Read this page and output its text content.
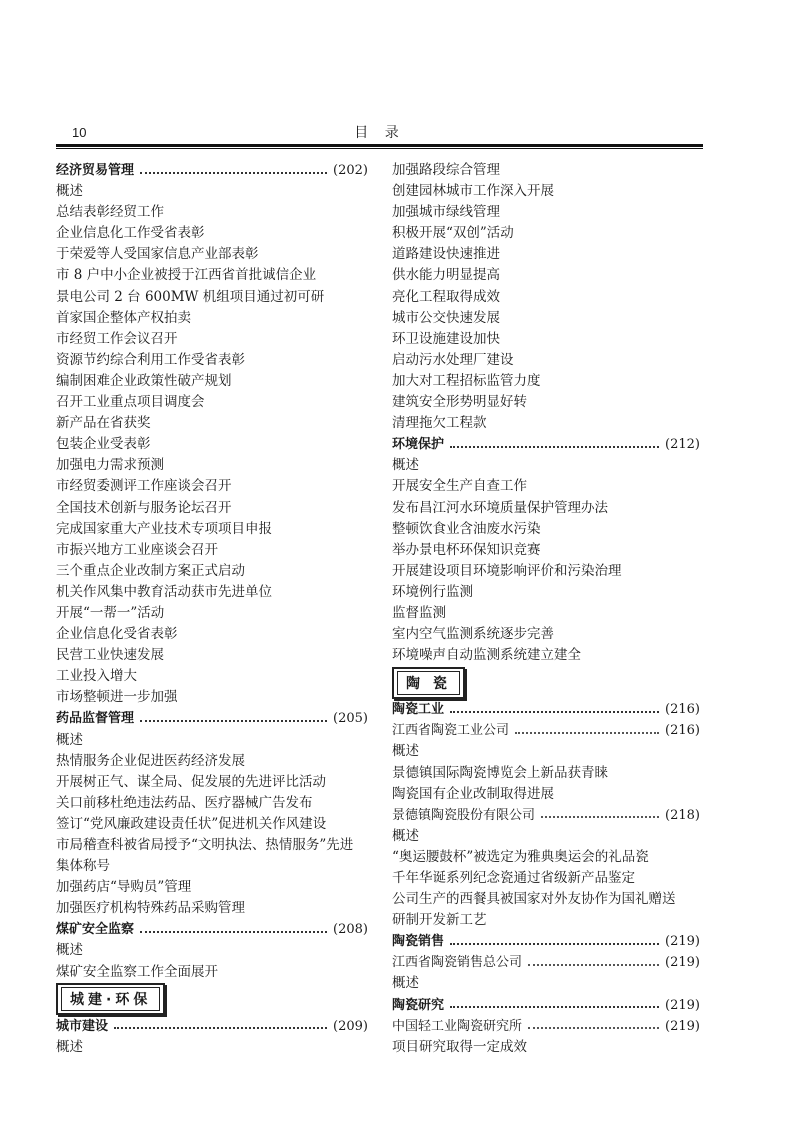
10	目 录
经济贸易管理	(202)
概述
总结表彰经贸工作
企业信息化工作受省表彰
于荣爱等人受国家信息产业部表彰
市 8 户中小企业被授于江西省首批诚信企业
景电公司 2 台 600MW 机组项目通过初可研
首家国企整体产权拍卖
市经贸工作会议召开
资源节约综合利用工作受省表彰
编制困难企业政策性破产规划
召开工业重点项目调度会
新产品在省获奖
包装企业受表彰
加强电力需求预测
市经贸委测评工作座谈会召开
全国技术创新与服务论坛召开
完成国家重大产业技术专项项目申报
市振兴地方工业座谈会召开
三个重点企业改制方案正式启动
机关作风集中教育活动获市先进单位
开展“一帮一”活动
企业信息化受省表彰
民营工业快速发展
工业投入增大
市场整顿进一步加强
药品监督管理	(205)
概述
热情服务企业促进医药经济发展
开展树正气、谋全局、促发展的先进评比活动
关口前移杜绝违法药品、医疗器械广告发布
签订“党风廉政建设责任状”促进机关作风建设
市局稽查科被省局授予“文明执法、热情服务”先进
集体称号
加强药店“导购员”管理
加强医疗机构特殊药品采购管理
煤矿安全监察	(208)
概述
煤矿安全监察工作全面展开
城建·环保
城市建设	(209)
概述
加强路段综合管理
创建园林城市工作深入开展
加强城市绿线管理
积极开展“双创”活动
道路建设快速推进
供水能力明显提高
亮化工程取得成效
城市公交快速发展
环卫设施建设加快
启动污水处理厂建设
加大对工程招标监管力度
建筑安全形势明显好转
清理拖欠工程款
环境保护	(212)
概述
开展安全生产自查工作
发布昌江河水环境质量保护管理办法
整顿饮食业含油废水污染
举办景电杯环保知识竞赛
开展建设项目环境影响评价和污染治理
环境例行监测
监督监测
室内空气监测系统逐步完善
环境噪声自动监测系统建立建全
陶 瓷
陶瓷工业	(216)
江西省陶瓷工业公司	(216)
概述
景德镇国际陶瓷博览会上新品获青睐
陶瓷国有企业改制取得进展
景德镇陶瓷股份有限公司	(218)
概述
“奥运腰鼓杯”被选定为雅典奥运会的礼品瓷
千年华诞系列纪念瓷通过省级新产品鉴定
公司生产的西餐具被国家对外友协作为国礼赠送
研制开发新工艺
陶瓷销售	(219)
江西省陶瓷销售总公司	(219)
概述
陶瓷研究	(219)
中国轻工业陶瓷研究所	(219)
项目研究取得一定成效
